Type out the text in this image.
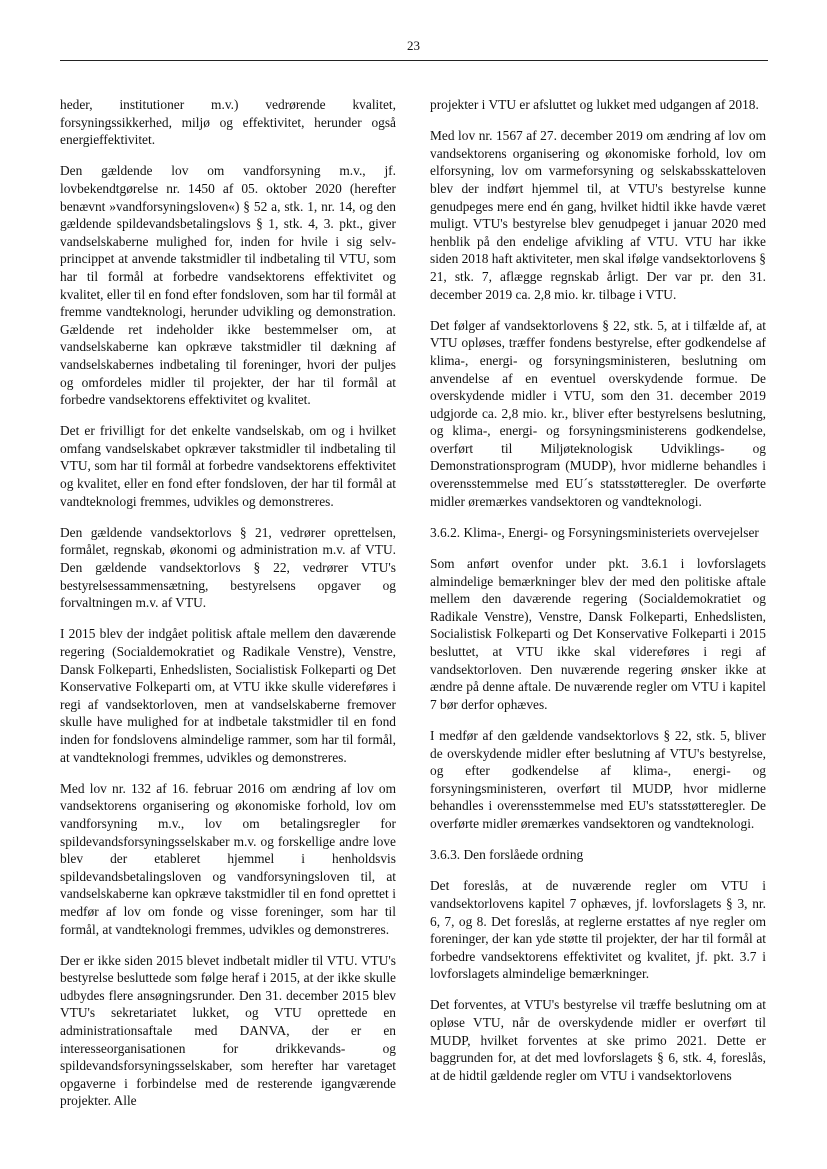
23

heder, institutioner m.v.) vedrørende kvalitet, forsyningssikkerhed, miljø og effektivitet, herunder også energieffektivitet.

Den gældende lov om vandforsyning m.v., jf. lovbekendtgørelse nr. 1450 af 05. oktober 2020 (herefter benævnt »vandforsyningsloven«) § 52 a, stk. 1, nr. 14, og den gældende spildevandsbetalingslovs § 1, stk. 4, 3. pkt., giver vandselskaberne mulighed for, inden for hvile i sig selv-princippet at anvende takstmidler til indbetaling til VTU, som har til formål at forbedre vandsektorens effektivitet og kvalitet, eller til en fond efter fondsloven, som har til formål at fremme vandteknologi, herunder udvikling og demonstration. Gældende ret indeholder ikke bestemmelser om, at vandselskaberne kan opkræve takstmidler til dækning af vandselskabernes indbetaling til foreninger, hvori der puljes og omfordeles midler til projekter, der har til formål at forbedre vandsektorens effektivitet og kvalitet.

Det er frivilligt for det enkelte vandselskab, om og i hvilket omfang vandselskabet opkræver takstmidler til indbetaling til VTU, som har til formål at forbedre vandsektorens effektivitet og kvalitet, eller en fond efter fondsloven, der har til formål at vandteknologi fremmes, udvikles og demonstreres.

Den gældende vandsektorlovs § 21, vedrører oprettelsen, formålet, regnskab, økonomi og administration m.v. af VTU. Den gældende vandsektorlovs § 22, vedrører VTU's bestyrelsessammensætning, bestyrelsens opgaver og forvaltningen m.v. af VTU.

I 2015 blev der indgået politisk aftale mellem den daværende regering (Socialdemokratiet og Radikale Venstre), Venstre, Dansk Folkeparti, Enhedslisten, Socialistisk Folkeparti og Det Konservative Folkeparti om, at VTU ikke skulle videreføres i regi af vandsektorloven, men at vandselskaberne fremover skulle have mulighed for at indbetale takstmidler til en fond inden for fondslovens almindelige rammer, som har til formål, at vandteknologi fremmes, udvikles og demonstreres.

Med lov nr. 132 af 16. februar 2016 om ændring af lov om vandsektorens organisering og økonomiske forhold, lov om vandforsyning m.v., lov om betalingsregler for spildevandsforsyningsselskaber m.v. og forskellige andre love blev der etableret hjemmel i henholdsvis spildevandsbetalingsloven og vandforsyningsloven til, at vandselskaberne kan opkræve takstmidler til en fond oprettet i medfør af lov om fonde og visse foreninger, som har til formål, at vandteknologi fremmes, udvikles og demonstreres.

Der er ikke siden 2015 blevet indbetalt midler til VTU. VTU's bestyrelse besluttede som følge heraf i 2015, at der ikke skulle udbydes flere ansøgningsrunder. Den 31. december 2015 blev VTU's sekretariatet lukket, og VTU oprettede en administrationsaftale med DANVA, der er en interesseorganisationen for drikkevands- og spildevandsforsyningsselskaber, som herefter har varetaget opgaverne i forbindelse med de resterende igangværende projekter. Alle

projekter i VTU er afsluttet og lukket med udgangen af 2018.

Med lov nr. 1567 af 27. december 2019 om ændring af lov om vandsektorens organisering og økonomiske forhold, lov om elforsyning, lov om varmeforsyning og selskabsskatteloven blev der indført hjemmel til, at VTU's bestyrelse kunne genudpeges mere end én gang, hvilket hidtil ikke havde været muligt. VTU's bestyrelse blev genudpeget i januar 2020 med henblik på den endelige afvikling af VTU. VTU har ikke siden 2018 haft aktiviteter, men skal ifølge vandsektorlovens § 21, stk. 7, aflægge regnskab årligt. Der var pr. den 31. december 2019 ca. 2,8 mio. kr. tilbage i VTU.

Det følger af vandsektorlovens § 22, stk. 5, at i tilfælde af, at VTU opløses, træffer fondens bestyrelse, efter godkendelse af klima-, energi- og forsyningsministeren, beslutning om anvendelse af en eventuel overskydende formue. De overskydende midler i VTU, som den 31. december 2019 udgjorde ca. 2,8 mio. kr., bliver efter bestyrelsens beslutning, og klima-, energi- og forsyningsministerens godkendelse, overført til Miljøteknologisk Udviklings- og Demonstrationsprogram (MUDP), hvor midlerne behandles i overensstemmelse med EU´s statsstøtteregler. De overførte midler øremærkes vandsektoren og vandteknologi.

3.6.2. Klima-, Energi- og Forsyningsministeriets overvejelser

Som anført ovenfor under pkt. 3.6.1 i lovforslagets almindelige bemærkninger blev der med den politiske aftale mellem den daværende regering (Socialdemokratiet og Radikale Venstre), Venstre, Dansk Folkeparti, Enhedslisten, Socialistisk Folkeparti og Det Konservative Folkeparti i 2015 besluttet, at VTU ikke skal videreføres i regi af vandsektorloven. Den nuværende regering ønsker ikke at ændre på denne aftale. De nuværende regler om VTU i kapitel 7 bør derfor ophæves.

I medfør af den gældende vandsektorlovs § 22, stk. 5, bliver de overskydende midler efter beslutning af VTU's bestyrelse, og efter godkendelse af klima-, energi- og forsyningsministeren, overført til MUDP, hvor midlerne behandles i overensstemmelse med EU's statsstøtteregler. De overførte midler øremærkes vandsektoren og vandteknologi.

3.6.3. Den forslåede ordning

Det foreslås, at de nuværende regler om VTU i vandsektorlovens kapitel 7 ophæves, jf. lovforslagets § 3, nr. 6, 7, og 8. Det foreslås, at reglerne erstattes af nye regler om foreninger, der kan yde støtte til projekter, der har til formål at forbedre vandsektorens effektivitet og kvalitet, jf. pkt. 3.7 i lovforslagets almindelige bemærkninger.

Det forventes, at VTU's bestyrelse vil træffe beslutning om at opløse VTU, når de overskydende midler er overført til MUDP, hvilket forventes at ske primo 2021. Dette er baggrunden for, at det med lovforslagets § 6, stk. 4, foreslås, at de hidtil gældende regler om VTU i vandsektorlovens
